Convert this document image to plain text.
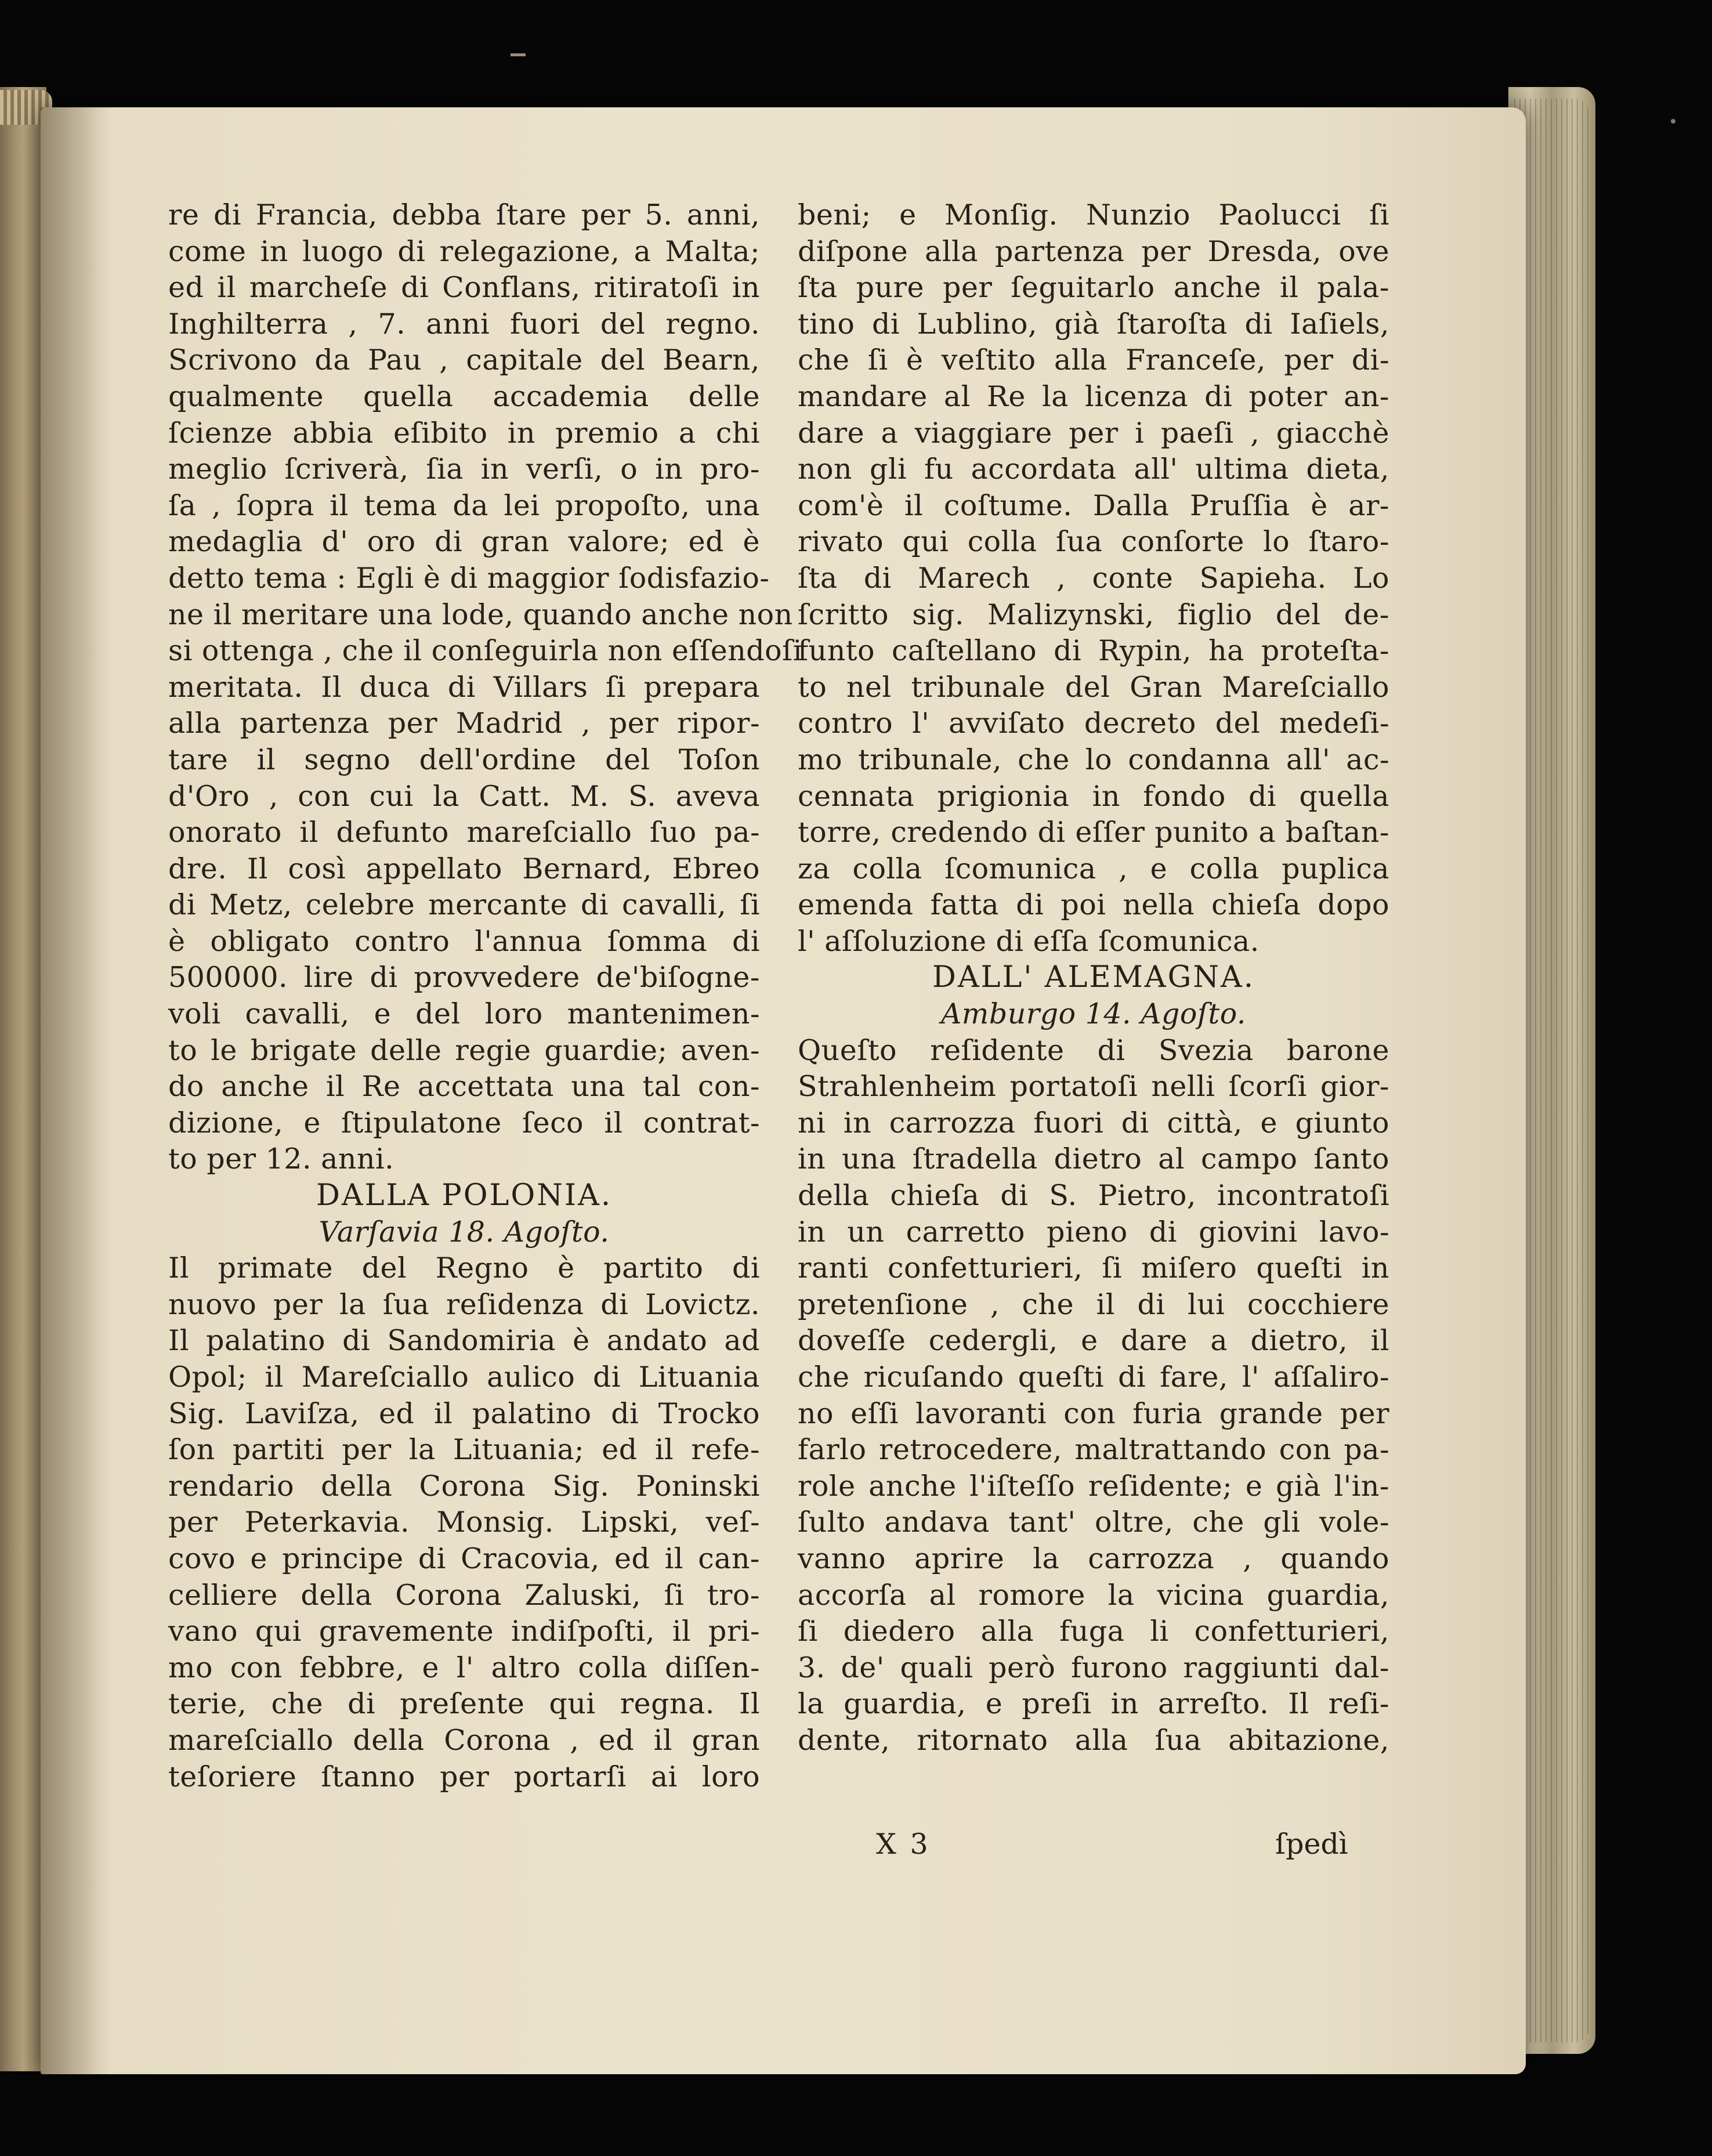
re di Francia, debba ſtare per 5. anni,
come in luogo di relegazione, a Malta;
ed il marcheſe di Conflans, ritiratoſi in
Inghilterra , 7. anni fuori del regno.
Scrivono da Pau , capitale del Bearn,
qualmente quella accademia delle
ſcienze abbia eſibito in premio a chi
meglio ſcriverà, ſia in verſi, o in pro-
ſa , ſopra il tema da lei propoſto, una
medaglia d' oro di gran valore; ed è
detto tema : Egli è di maggior ſodisfazio-
ne il meritare una lode, quando anche non
si ottenga , che il conſeguirla non eſſendoſi
meritata. Il duca di Villars ſi prepara
alla partenza per Madrid , per ripor-
tare il segno dell'ordine del Toſon
d'Oro , con cui la Catt. M. S. aveva
onorato il defunto mareſciallo ſuo pa-
dre. Il così appellato Bernard, Ebreo
di Metz, celebre mercante di cavalli, ſi
è obligato contro l'annua ſomma di
500000. lire di provvedere de'biſogne-
voli cavalli, e del loro mantenimen-
to le brigate delle regie guardie; aven-
do anche il Re accettata una tal con-
dizione, e ſtipulatone ſeco il contrat-
to per 12. anni.
DALLA POLONIA.
Varſavia 18. Agoſto.
Il primate del Regno è partito di
nuovo per la ſua reſidenza di Lovictz.
Il palatino di Sandomiria è andato ad
Opol; il Mareſciallo aulico di Lituania
Sig. Laviſza, ed il palatino di Trocko
ſon partiti per la Lituania; ed il refe-
rendario della Corona Sig. Poninski
per Peterkavia. Monsig. Lipski, veſ-
covo e principe di Cracovia, ed il can-
celliere della Corona Zaluski, ſi tro-
vano qui gravemente indiſpoſti, il pri-
mo con febbre, e l' altro colla diſſen-
terie, che di preſente qui regna. Il
mareſciallo della Corona , ed il gran
teſoriere ſtanno per portarſi ai loro
beni; e Monſig. Nunzio Paolucci ſi
diſpone alla partenza per Dresda, ove
ſta pure per ſeguitarlo anche il pala-
tino di Lublino, già ſtaroſta di Iaſiels,
che ſi è veſtito alla Franceſe, per di-
mandare al Re la licenza di poter an-
dare a viaggiare per i paeſi , giacchè
non gli fu accordata all' ultima dieta,
com'è il coſtume. Dalla Pruſſia è ar-
rivato qui colla ſua conſorte lo ſtaro-
ſta di Marech , conte Sapieha. Lo
ſcritto sig. Malizynski, figlio del de-
funto caſtellano di Rypin, ha proteſta-
to nel tribunale del Gran Mareſciallo
contro l' avviſato decreto del medeſi-
mo tribunale, che lo condanna all' ac-
cennata prigionia in fondo di quella
torre, credendo di eſſer punito a baſtan-
za colla ſcomunica , e colla puplica
emenda fatta di poi nella chieſa dopo
l' aſſoluzione di eſſa ſcomunica.
DALL' ALEMAGNA.
Amburgo 14. Agoſto.
Queſto reſidente di Svezia barone
Strahlenheim portatoſi nelli ſcorſi gior-
ni in carrozza fuori di città, e giunto
in una ſtradella dietro al campo ſanto
della chieſa di S. Pietro, incontratoſi
in un carretto pieno di giovini lavo-
ranti confetturieri, ſi miſero queſti in
pretenſione , che il di lui cocchiere
doveſſe cedergli, e dare a dietro, il
che ricuſando queſti di fare, l' aſſaliro-
no eſſi lavoranti con furia grande per
farlo retrocedere, maltrattando con pa-
role anche l'iſteſſo reſidente; e già l'in-
ſulto andava tant' oltre, che gli vole-
vanno aprire la carrozza , quando
accorſa al romore la vicina guardia,
ſi diedero alla fuga li confetturieri,
3. de' quali però furono raggiunti dal-
la guardia, e preſi in arreſto. Il reſi-
dente, ritornato alla ſua abitazione,
X 3	ſpedì
